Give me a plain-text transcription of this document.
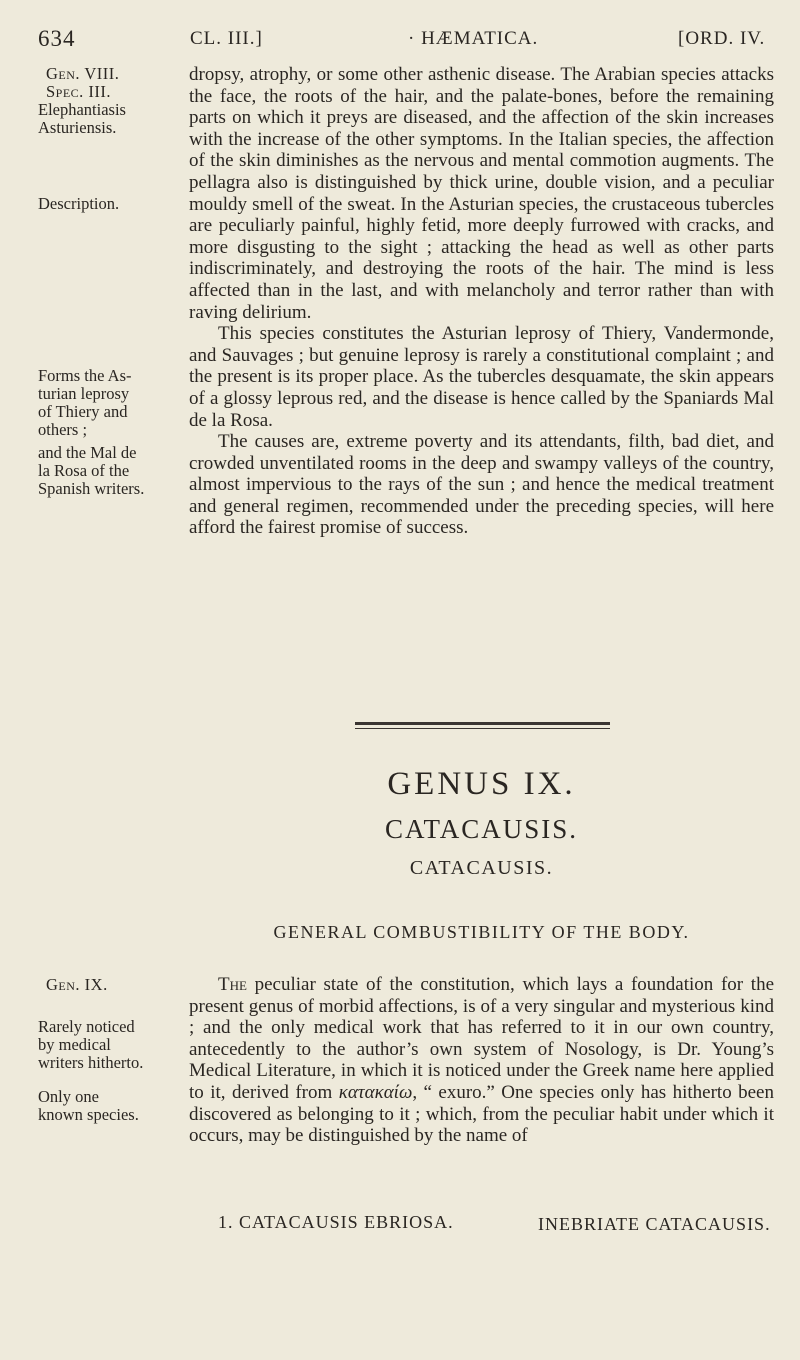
634	CL. III.]	· HÆMATICA.	[ORD. IV.
Gen. VIII.
Spec. III.
Elephantiasis
Asturiensis.
Description.
Forms the As-
turian leprosy
of Thiery and
others ;
and the Mal de
la Rosa of the
Spanish writers.
Gen. IX.
Rarely noticed
by medical
writers hitherto.
Only one
known species.

dropsy, atrophy, or some other asthenic disease. The Arabian species attacks the face, the roots of the hair, and the palate-bones, before the remaining parts on which it preys are diseased, and the affection of the skin increases with the increase of the other symptoms. In the Italian species, the affection of the skin diminishes as the nervous and mental commotion augments. The pellagra also is distinguished by thick urine, double vision, and a peculiar mouldy smell of the sweat. In the Asturian species, the crustaceous tubercles are peculiarly painful, highly fetid, more deeply furrowed with cracks, and more disgusting to the sight ; attacking the head as well as other parts indiscriminately, and destroying the roots of the hair. The mind is less affected than in the last, and with melancholy and terror rather than with raving delirium.

This species constitutes the Asturian leprosy of Thiery, Vandermonde, and Sauvages ; but genuine leprosy is rarely a constitutional complaint ; and the present is its proper place. As the tubercles desquamate, the skin appears of a glossy leprous red, and the disease is hence called by the Spaniards Mal de la Rosa.

The causes are, extreme poverty and its attendants, filth, bad diet, and crowded unventilated rooms in the deep and swampy valleys of the country, almost impervious to the rays of the sun ; and hence the medical treatment and general regimen, recommended under the preceding species, will here afford the fairest promise of success.

GENUS IX.
CATACAUSIS.
CATACAUSIS.
GENERAL COMBUSTIBILITY OF THE BODY.

The peculiar state of the constitution, which lays a foundation for the present genus of morbid affections, is of a very singular and mysterious kind ; and the only medical work that has referred to it in our own country, antecedently to the author’s own system of Nosology, is Dr. Young’s Medical Literature, in which it is noticed under the Greek name here applied to it, derived from κατακαίω, “ exuro.” One species only has hitherto been discovered as belonging to it ; which, from the peculiar habit under which it occurs, may be distinguished by the name of

1. CATACAUSIS EBRIOSA.	INEBRIATE CATACAUSIS.
